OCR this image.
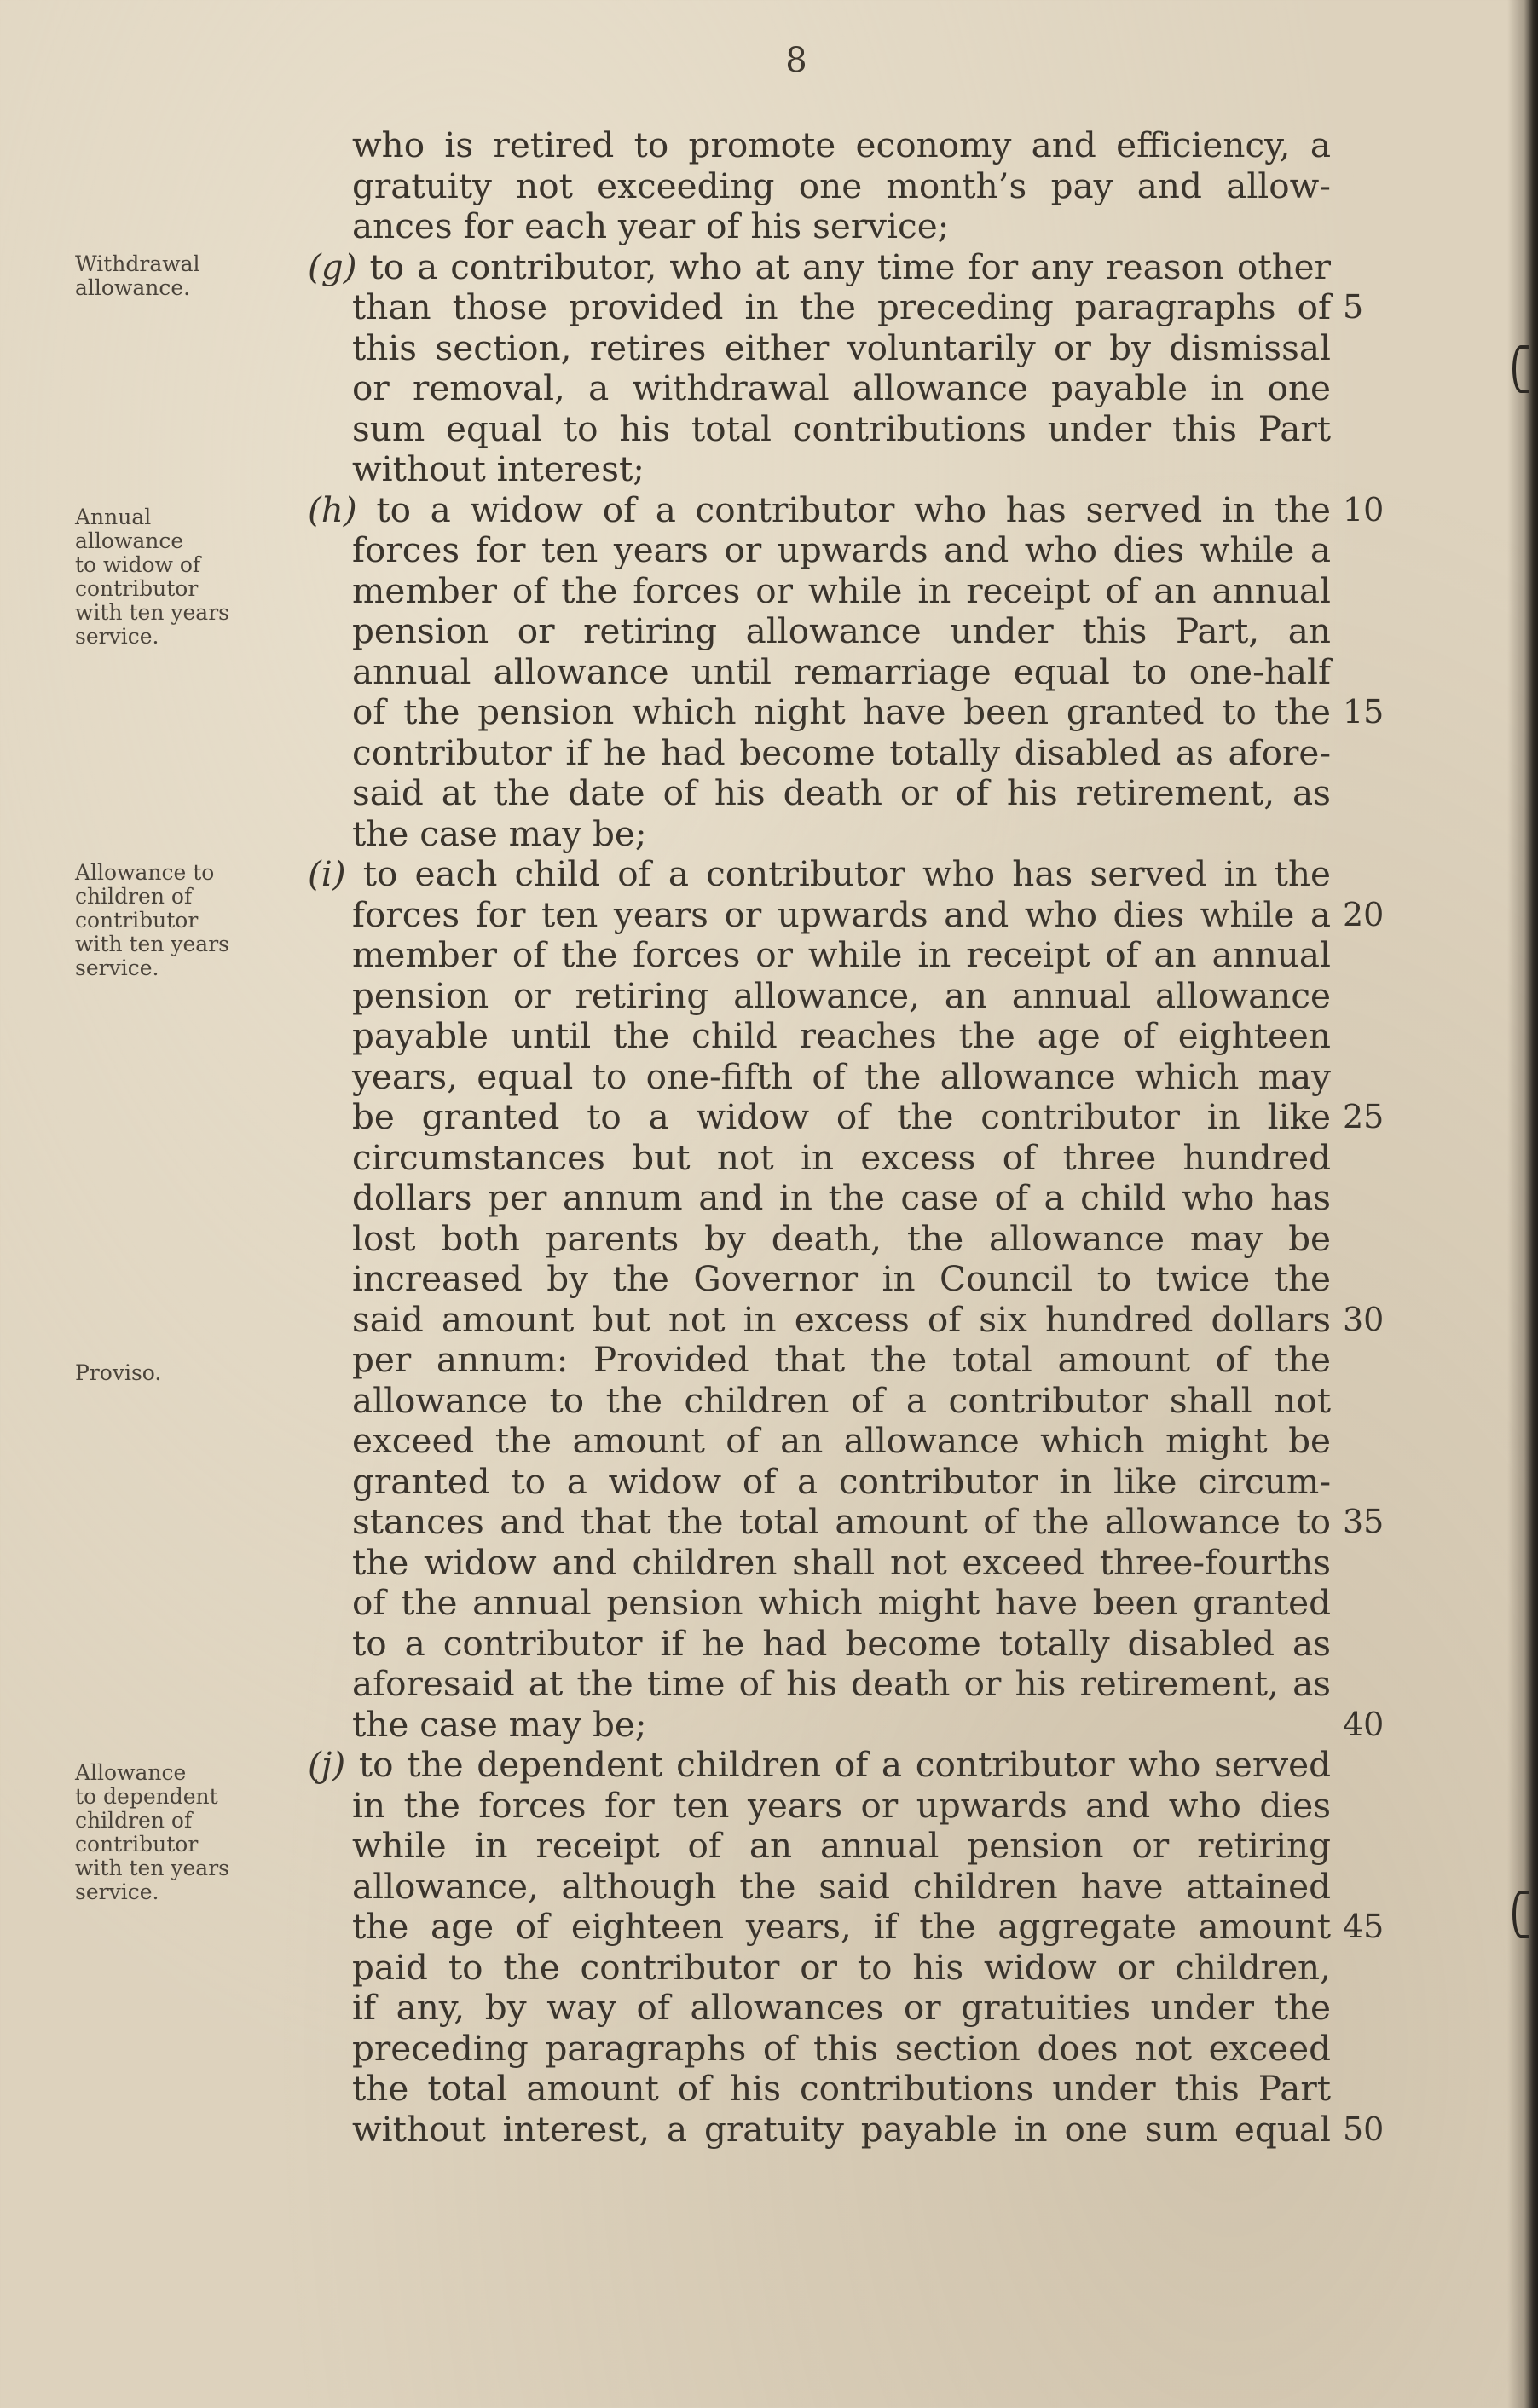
8
Withdrawal
allowance.
Annual
allowance
to widow of
contributor
with ten years
service.
Allowance to
children of
contributor
with ten years
service.
Proviso.
Allowance
to dependent
children of
contributor
with ten years
service.
who is retired to promote economy and efficiency, a
gratuity not exceeding one month’s pay and allow-
ances for each year of his service;
(g) to a contributor, who at any time for any reason other
than those provided in the preceding paragraphs of 5
this section, retires either voluntarily or by dismissal
or removal, a withdrawal allowance payable in one
sum equal to his total contributions under this Part
without interest;
(h) to a widow of a contributor who has served in the 10
forces for ten years or upwards and who dies while a
member of the forces or while in receipt of an annual
pension or retiring allowance under this Part, an
annual allowance until remarriage equal to one-half
of the pension which night have been granted to the 15
contributor if he had become totally disabled as afore-
said at the date of his death or of his retirement, as
the case may be;
(i) to each child of a contributor who has served in the
forces for ten years or upwards and who dies while a 20
member of the forces or while in receipt of an annual
pension or retiring allowance, an annual allowance
payable until the child reaches the age of eighteen
years, equal to one-fifth of the allowance which may
be granted to a widow of the contributor in like 25
circumstances but not in excess of three hundred
dollars per annum and in the case of a child who has
lost both parents by death, the allowance may be
increased by the Governor in Council to twice the
said amount but not in excess of six hundred dollars 30
per annum: Provided that the total amount of the
allowance to the children of a contributor shall not
exceed the amount of an allowance which might be
granted to a widow of a contributor in like circum-
stances and that the total amount of the allowance to 35
the widow and children shall not exceed three-fourths
of the annual pension which might have been granted
to a contributor if he had become totally disabled as
aforesaid at the time of his death or his retirement, as
the case may be;	40
(j) to the dependent children of a contributor who served
in the forces for ten years or upwards and who dies
while in receipt of an annual pension or retiring
allowance, although the said children have attained
the age of eighteen years, if the aggregate amount 45
paid to the contributor or to his widow or children,
if any, by way of allowances or gratuities under the
preceding paragraphs of this section does not exceed
the total amount of his contributions under this Part
without interest, a gratuity payable in one sum equal 50
